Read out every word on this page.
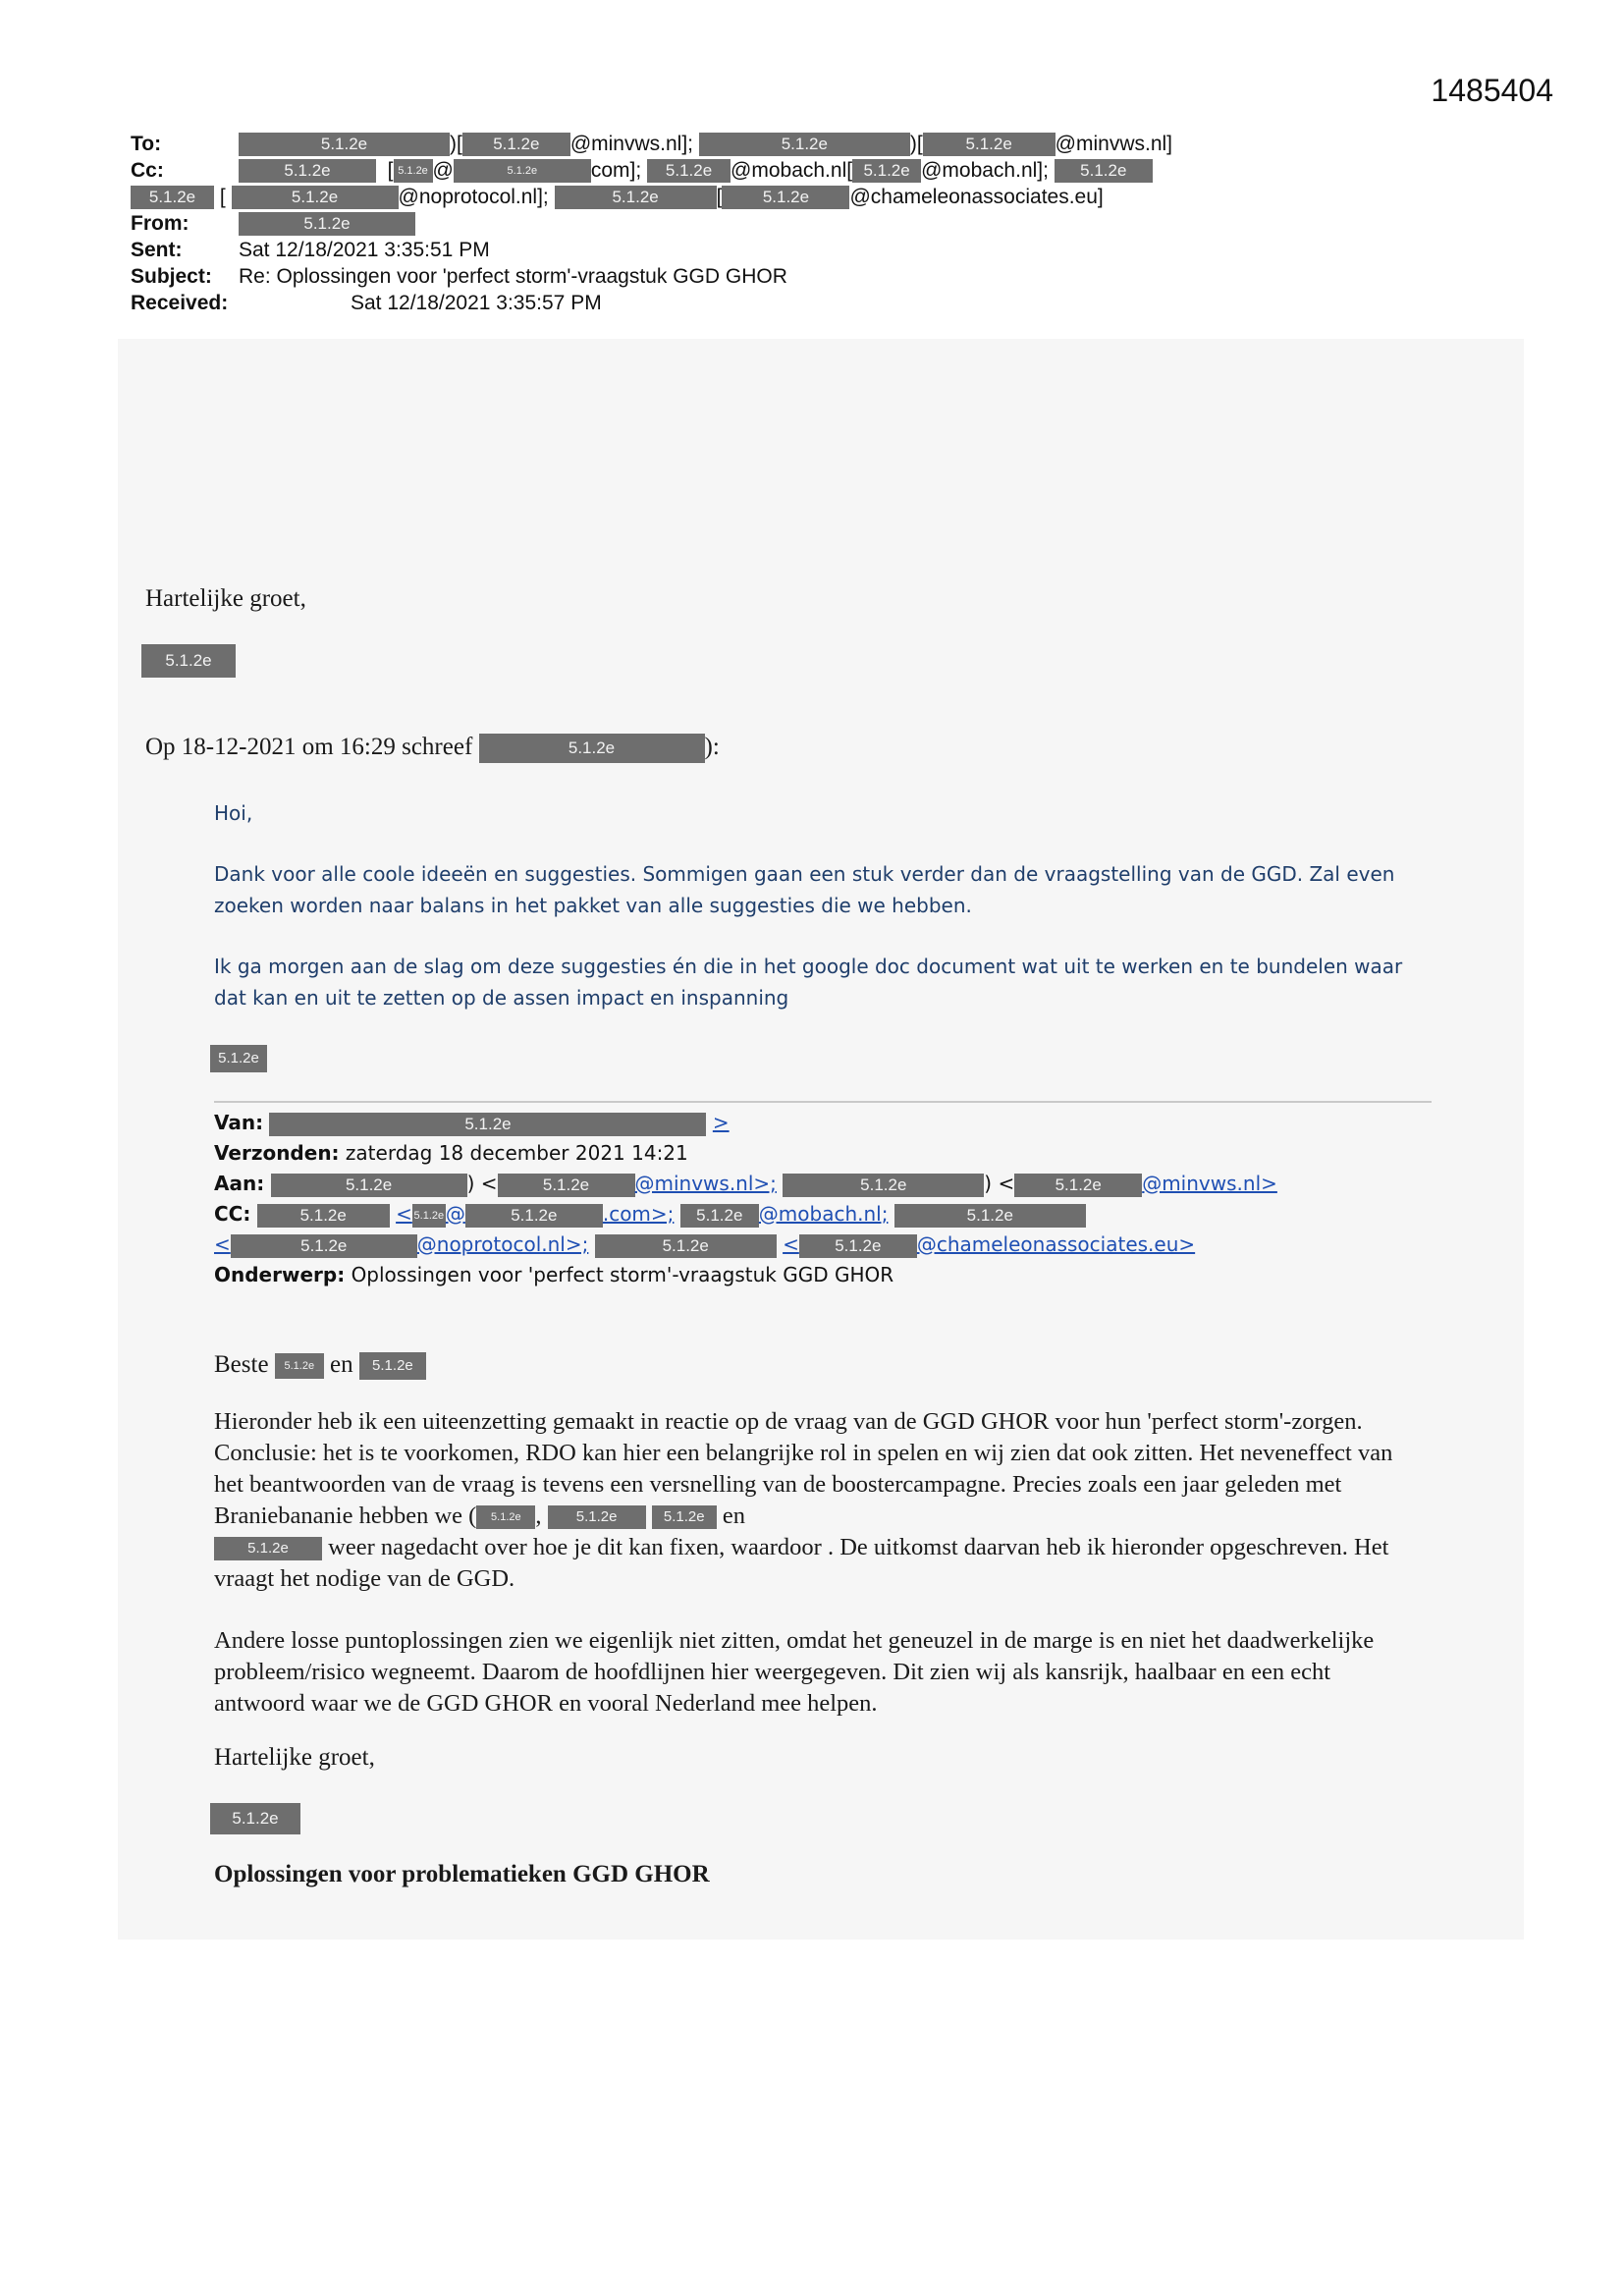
1485404
To:	5.1.2e	)[ 5.1.2e @minvws.nl];	5.1.2e	)[	5.1.2e @minvws.nl]
Cc:	5.1.2e	[ 5.1.2e @	5.1.2e	com]; 5.1.2e @mobach.nl[ 5.1.2e @mobach.nl]; 5.1.2e
5.1.2e [	5.1.2e	@noprotocol.nl];	5.1.2e	[ 5.1.2e @chameleonassociates.eu]
From:	5.1.2e
Sent:	Sat 12/18/2021 3:35:51 PM
Subject: Re: Oplossingen voor 'perfect storm'-vraagstuk GGD GHOR
Received:	Sat 12/18/2021 3:35:57 PM
Hartelijke groet,
5.1.2e
Op 18-12-2021 om 16:29 schreef	5.1.2e	):
Hoi,
Dank voor alle coole ideeën en suggesties. Sommigen gaan een stuk verder dan de vraagstelling van de GGD. Zal even zoeken worden naar balans in het pakket van alle suggesties die we hebben.
Ik ga morgen aan de slag om deze suggesties én die in het google doc document wat uit te werken en te bundelen waar dat kan en uit te zetten op de assen impact en inspanning
5.1.2e
Van:	5.1.2e	>
Verzonden: zaterdag 18 december 2021 14:21
Aan:	5.1.2e	) <	5.1.2e @minvws.nl>;	5.1.2e	) < 5.1.2e @minvws.nl>
CC:	5.1.2e	< 5.1.2e@	5.1.2e .com>; 5.1.2e @mobach.nl;	5.1.2e
<	5.1.2e	@noprotocol.nl>;	5.1.2e	< 5.1.2e @chameleonassociates.eu>
Onderwerp: Oplossingen voor 'perfect storm'-vraagstuk GGD GHOR
Beste 5.1.2e en 5.1.2e
Hieronder heb ik een uiteenzetting gemaakt in reactie op de vraag van de GGD GHOR voor hun 'perfect storm'-zorgen. Conclusie: het is te voorkomen, RDO kan hier een belangrijke rol in spelen en wij zien dat ook zitten. Het neveneffect van het beantwoorden van de vraag is tevens een versnelling van de boostercampagne. Precies zoals een jaar geleden met Braniebananie hebben we ( 5.1.2e , 5.1.2e	5.1.2e en
5.1.2e weer nagedacht over hoe je dit kan fixen, waardoor . De uitkomst daarvan heb ik hieronder opgeschreven. Het vraagt het nodige van de GGD.
Andere losse puntoplossingen zien we eigenlijk niet zitten, omdat het geneuzel in de marge is en niet het daadwerkelijke probleem/risico wegneemt. Daarom de hoofdlijnen hier weergegeven. Dit zien wij als kansrijk, haalbaar en een echt antwoord waar we de GGD GHOR en vooral Nederland mee helpen.
Hartelijke groet,
5.1.2e
Oplossingen voor problematieken GGD GHOR
